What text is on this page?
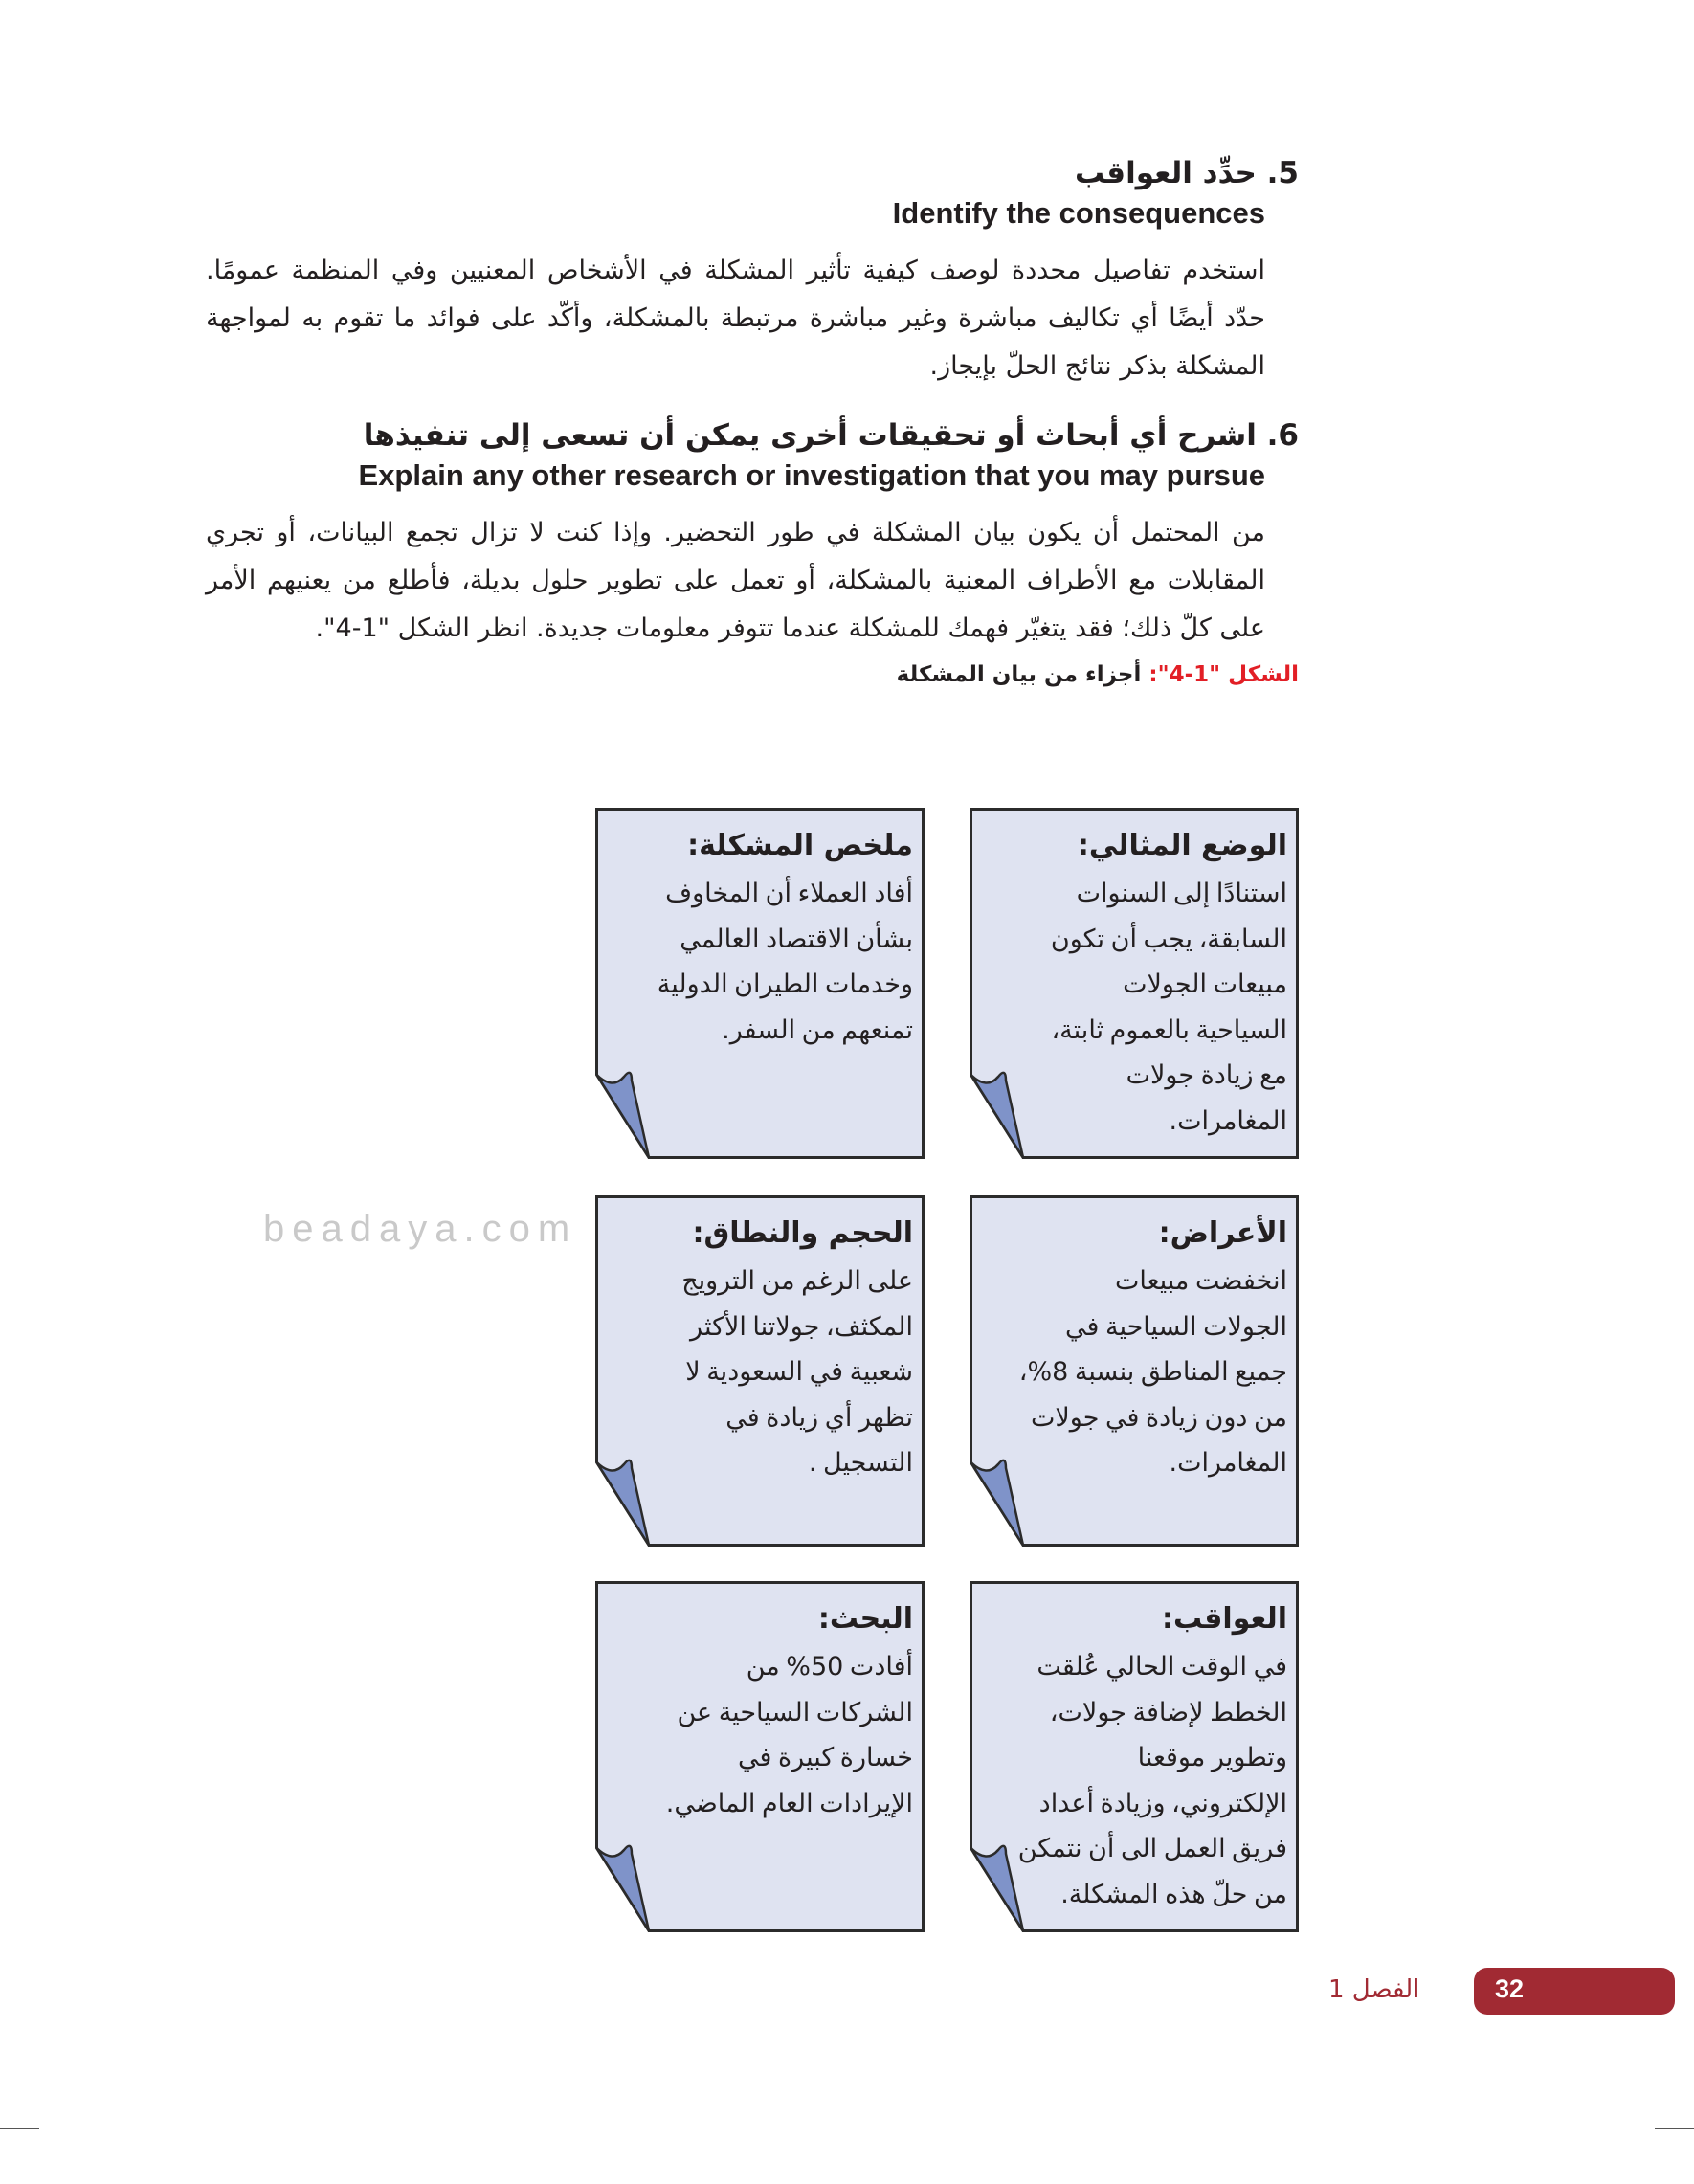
5. حدِّد العواقب
Identify the consequences

استخدم تفاصيل محددة لوصف كيفية تأثير المشكلة في الأشخاص المعنيين وفي المنظمة عمومًا. حدّد أيضًا أي تكاليف مباشرة وغير مباشرة مرتبطة بالمشكلة، وأكّد على فوائد ما تقوم به لمواجهة المشكلة بذكر نتائج الحلّ بإيجاز.

6. اشرح أي أبحاث أو تحقيقات أخرى يمكن أن تسعى إلى تنفيذها
Explain any other research or investigation that you may pursue

من المحتمل أن يكون بيان المشكلة في طور التحضير. وإذا كنت لا تزال تجمع البيانات، أو تجري المقابلات مع الأطراف المعنية بالمشكلة، أو تعمل على تطوير حلول بديلة، فأطلع من يعنيهم الأمر على كلّ ذلك؛ فقد يتغيّر فهمك للمشكلة عندما تتوفر معلومات جديدة. انظر الشكل "1-4".

الشكل "1-4": أجزاء من بيان المشكلة
الوضع المثالي:
استنادًا إلى السنوات
السابقة، يجب أن تكون
مبيعات الجولات
السياحية بالعموم ثابتة،
مع زيادة جولات
المغامرات.
ملخص المشكلة:
أفاد العملاء أن المخاوف
بشأن الاقتصاد العالمي
وخدمات الطيران الدولية
تمنعهم من السفر.
الأعراض:
انخفضت مبيعات
الجولات السياحية في
جميع المناطق بنسبة 8%،
من دون زيادة في جولات
المغامرات.
الحجم والنطاق:
على الرغم من الترويج
المكثف، جولاتنا الأكثر
شعبية في السعودية لا
تظهر أي زيادة في
التسجيل .
العواقب:
في الوقت الحالي عُلقت
الخطط لإضافة جولات،
وتطوير موقعنا
الإلكتروني، وزيادة أعداد
فريق العمل الى أن نتمكن
من حلّ هذه المشكلة.
البحث:
أفادت 50% من
الشركات السياحية عن
خسارة كبيرة في
الإيرادات العام الماضي.
beadaya.com
32
الفصل 1
